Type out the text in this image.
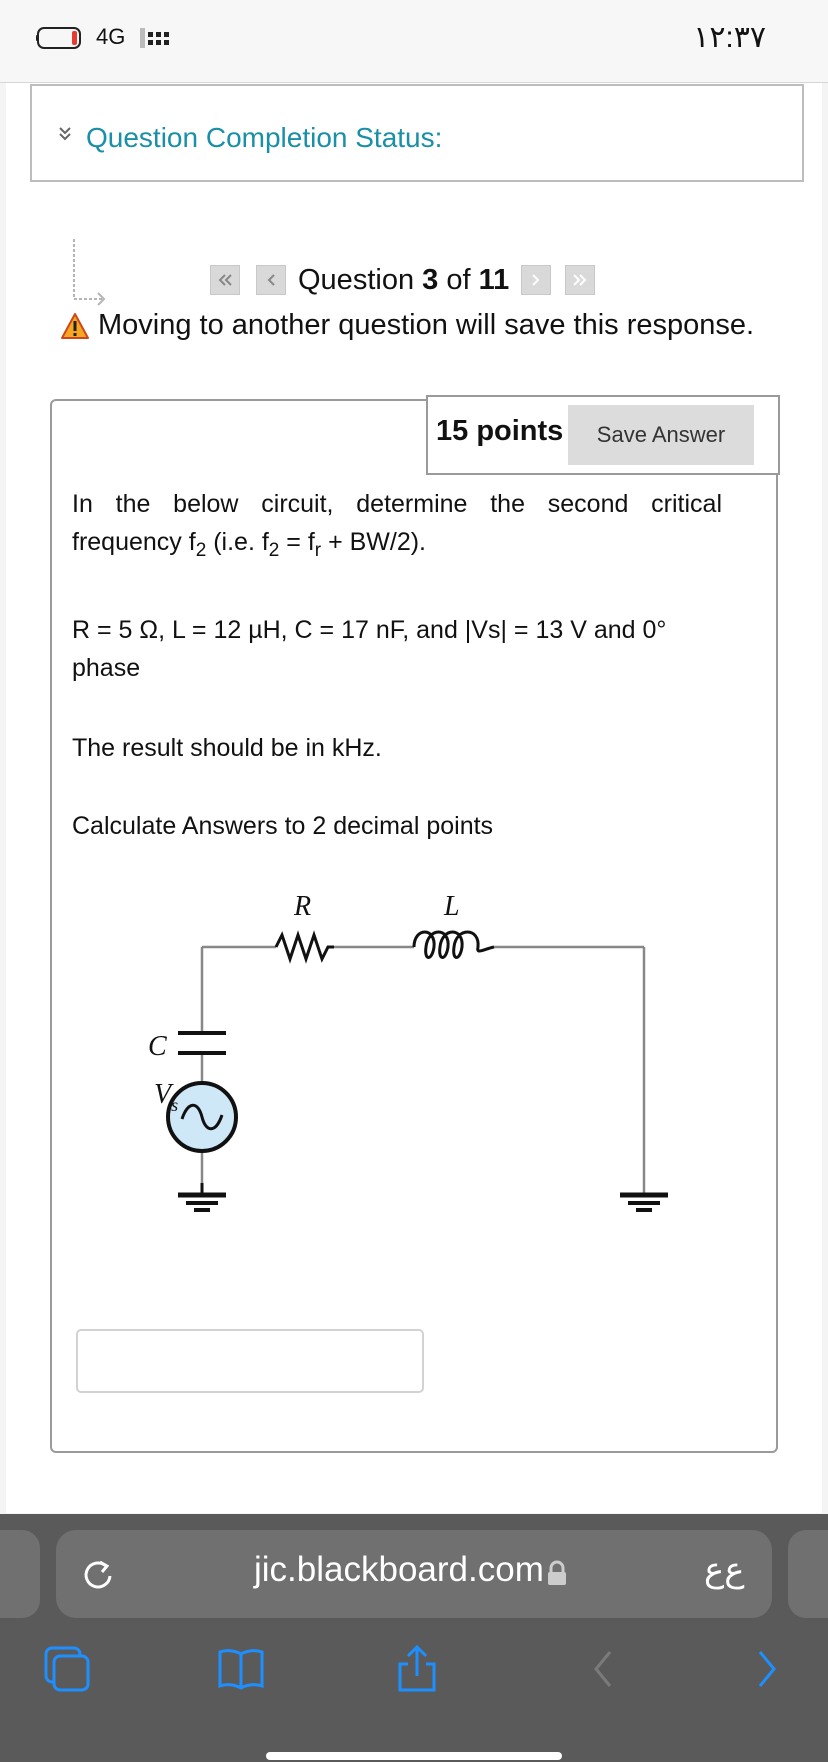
4G	١٢:٣٧
Question Completion Status:
Question 3 of 11
Moving to another question will save this response.
15 points	Save Answer
In the below circuit, determine the second critical frequency $f_2$ (i.e. $f_2 = f_r + BW/2$).
R = 5 Ω, L = 12 µH, C = 17 nF, and |Vs| = 13 V and 0° phase
The result should be in kHz.
Calculate Answers to 2 decimal points
R	L
C
$V_s$
jic.blackboard.com	ﻉﻉ
